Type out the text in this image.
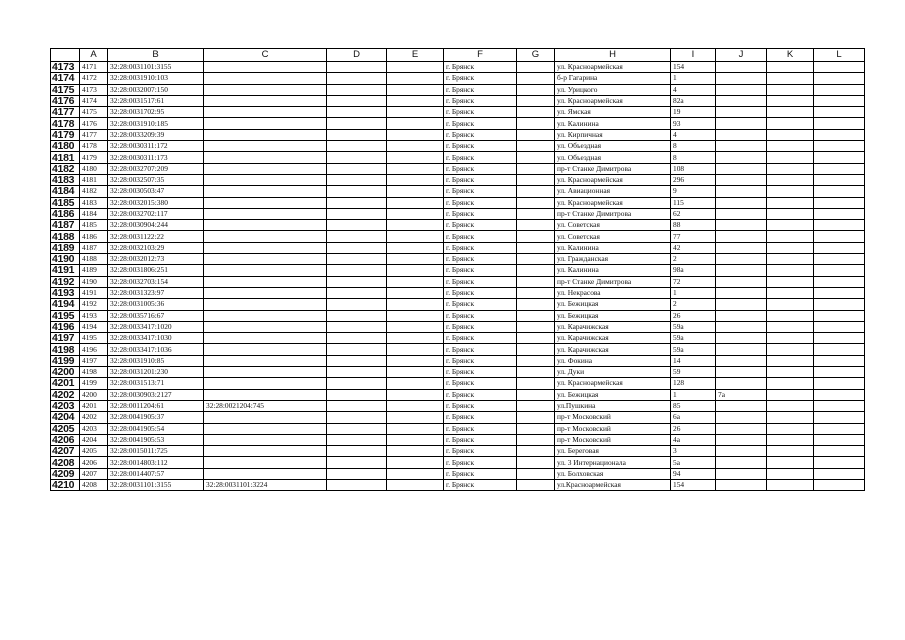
	A	B	C	D	E	F	G	H	I	J	K	L
4173	4171	32:28:0031101:3155				г. Брянск		ул. Красноармейская	154			
4174	4172	32:28:0031910:103				г. Брянск		б-р Гагарина	1			
4175	4173	32:28:0032007:150				г. Брянск		ул. Урицкого	4			
4176	4174	32:28:0031517:61				г. Брянск		ул. Красноармейская	82а			
4177	4175	32:28:0031702:95				г. Брянск		ул. Ямская	19			
4178	4176	32:28:0031910:185				г. Брянск		ул. Калинина	93			
4179	4177	32:28:0033209:39				г. Брянск		ул. Кирпичная	4			
4180	4178	32:28:0030311:172				г. Брянск		ул. Объездная	8			
4181	4179	32:28:0030311:173				г. Брянск		ул. Объездная	8			
4182	4180	32:28:0032707:209				г. Брянск		пр-т Станке Димитрова	108			
4183	4181	32:28:0032507:35				г. Брянск		ул. Красноармейская	296			
4184	4182	32:28:0030503:47				г. Брянск		ул. Авиационная	9			
4185	4183	32:28:0032015:380				г. Брянск		ул. Красноармейская	115			
4186	4184	32:28:0032702:117				г. Брянск		пр-т Станке Димитрова	62			
4187	4185	32:28:0030904:244				г. Брянск		ул. Советская	88			
4188	4186	32:28:0031122:22				г. Брянск		ул. Советская	77			
4189	4187	32:28:0032103:29				г. Брянск		ул. Калинина	42			
4190	4188	32:28:0032012:73				г. Брянск		ул. Гражданская	2			
4191	4189	32:28:0031806:251				г. Брянск		ул. Калинина	98а			
4192	4190	32:28:0032703:154				г. Брянск		пр-т Станке Димитрова	72			
4193	4191	32:28:0031323:97				г. Брянск		ул. Некрасова	1			
4194	4192	32:28:0031005:36				г. Брянск		ул. Бежицкая	2			
4195	4193	32:28:0035716:67				г. Брянск		ул. Бежицкая	26			
4196	4194	32:28:0033417:1020				г. Брянск		ул. Карачижская	59а			
4197	4195	32:28:0033417:1030				г. Брянск		ул. Карачижская	59а			
4198	4196	32:28:0033417:1036				г. Брянск		ул. Карачижская	59а			
4199	4197	32:28:0031910:85				г. Брянск		ул. Фокина	14			
4200	4198	32:28:0031201:230				г. Брянск		ул. Дуки	59			
4201	4199	32:28:0031513:71				г. Брянск		ул. Красноармейская	128			
4202	4200	32:28:0030903:2127				г. Брянск		ул. Бежицкая	1	7а		
4203	4201	32:28:0011204:61	32:28:0021204:745			г. Брянск		ул.Пушкина	85			
4204	4202	32:28:0041905:37				г. Брянск		пр-т Московский	6а			
4205	4203	32:28:0041905:54				г. Брянск		пр-т Московский	26			
4206	4204	32:28:0041905:53				г. Брянск		пр-т Московский	4а			
4207	4205	32:28:0015011:725				г. Брянск		ул. Береговая	3			
4208	4206	32:28:0014803:112				г. Брянск		ул. 3 Интернационала	5а			
4209	4207	32:28:0014407:57				г. Брянск		ул. Болховская	94			
4210	4208	32:28:0031101:3155	32:28:0031101:3224			г. Брянск		ул.Красноармейская	154			
